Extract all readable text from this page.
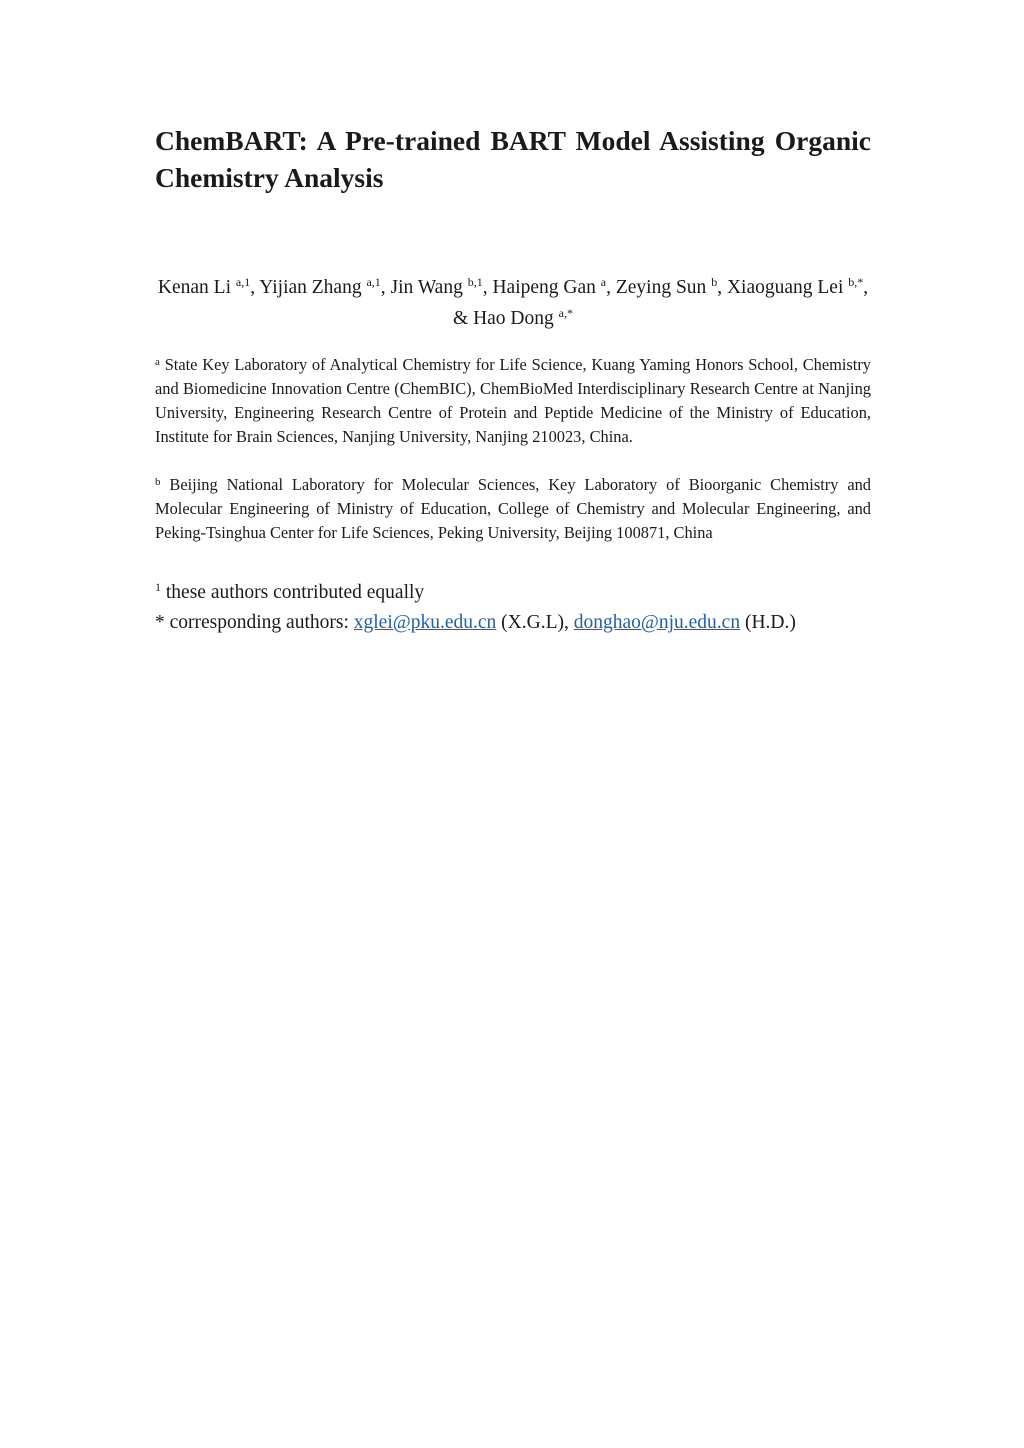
ChemBART: A Pre-trained BART Model Assisting Organic Chemistry Analysis

Kenan Li $^{a,1}$, Yijian Zhang $^{a,1}$, Jin Wang $^{b,1}$, Haipeng Gan $^a$, Zeying Sun $^b$, Xiaoguang Lei $^{b,*}$, & Hao Dong $^{a,*}$

$^a$ State Key Laboratory of Analytical Chemistry for Life Science, Kuang Yaming Honors School, Chemistry and Biomedicine Innovation Centre (ChemBIC), ChemBioMed Interdisciplinary Research Centre at Nanjing University, Engineering Research Centre of Protein and Peptide Medicine of the Ministry of Education, Institute for Brain Sciences, Nanjing University, Nanjing 210023, China.

$^b$ Beijing National Laboratory for Molecular Sciences, Key Laboratory of Bioorganic Chemistry and Molecular Engineering of Ministry of Education, College of Chemistry and Molecular Engineering, and Peking-Tsinghua Center for Life Sciences, Peking University, Beijing 100871, China

$^1$ these authors contributed equally

* corresponding authors: xglei@pku.edu.cn (X.G.L), donghao@nju.edu.cn (H.D.)
